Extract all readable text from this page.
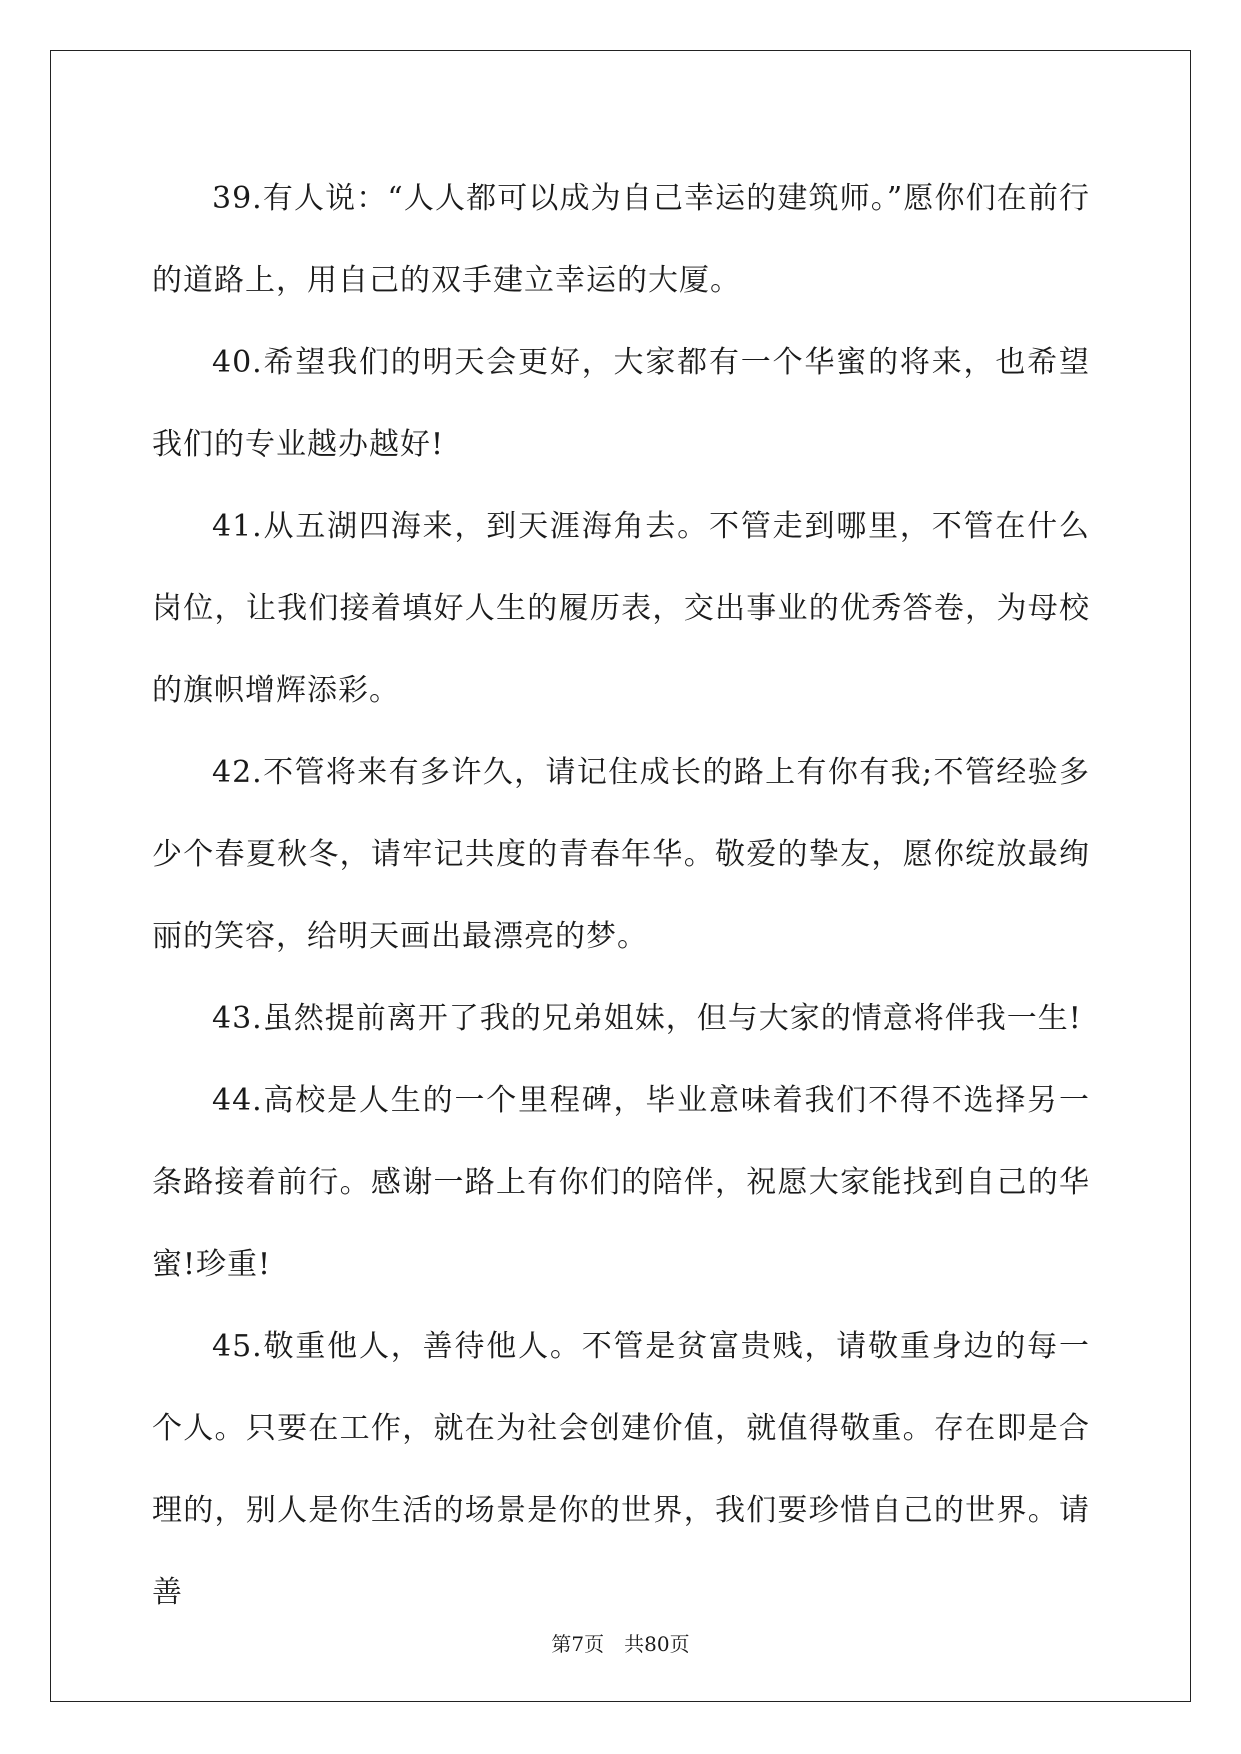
39.有人说：“人人都可以成为自己幸运的建筑师。”愿你们在前行的道路上，用自己的双手建立幸运的大厦。

40.希望我们的明天会更好，大家都有一个华蜜的将来，也希望我们的专业越办越好!

41.从五湖四海来，到天涯海角去。不管走到哪里，不管在什么岗位，让我们接着填好人生的履历表，交出事业的优秀答卷，为母校的旗帜增辉添彩。

42.不管将来有多许久，请记住成长的路上有你有我;不管经验多少个春夏秋冬，请牢记共度的青春年华。敬爱的挚友，愿你绽放最绚丽的笑容，给明天画出最漂亮的梦。

43.虽然提前离开了我的兄弟姐妹，但与大家的情意将伴我一生!

44.高校是人生的一个里程碑，毕业意味着我们不得不选择另一条路接着前行。感谢一路上有你们的陪伴，祝愿大家能找到自己的华蜜!珍重!

45.敬重他人，善待他人。不管是贫富贵贱，请敬重身边的每一个人。只要在工作，就在为社会创建价值，就值得敬重。存在即是合理的，别人是你生活的场景是你的世界，我们要珍惜自己的世界。请善

第7页 共80页
